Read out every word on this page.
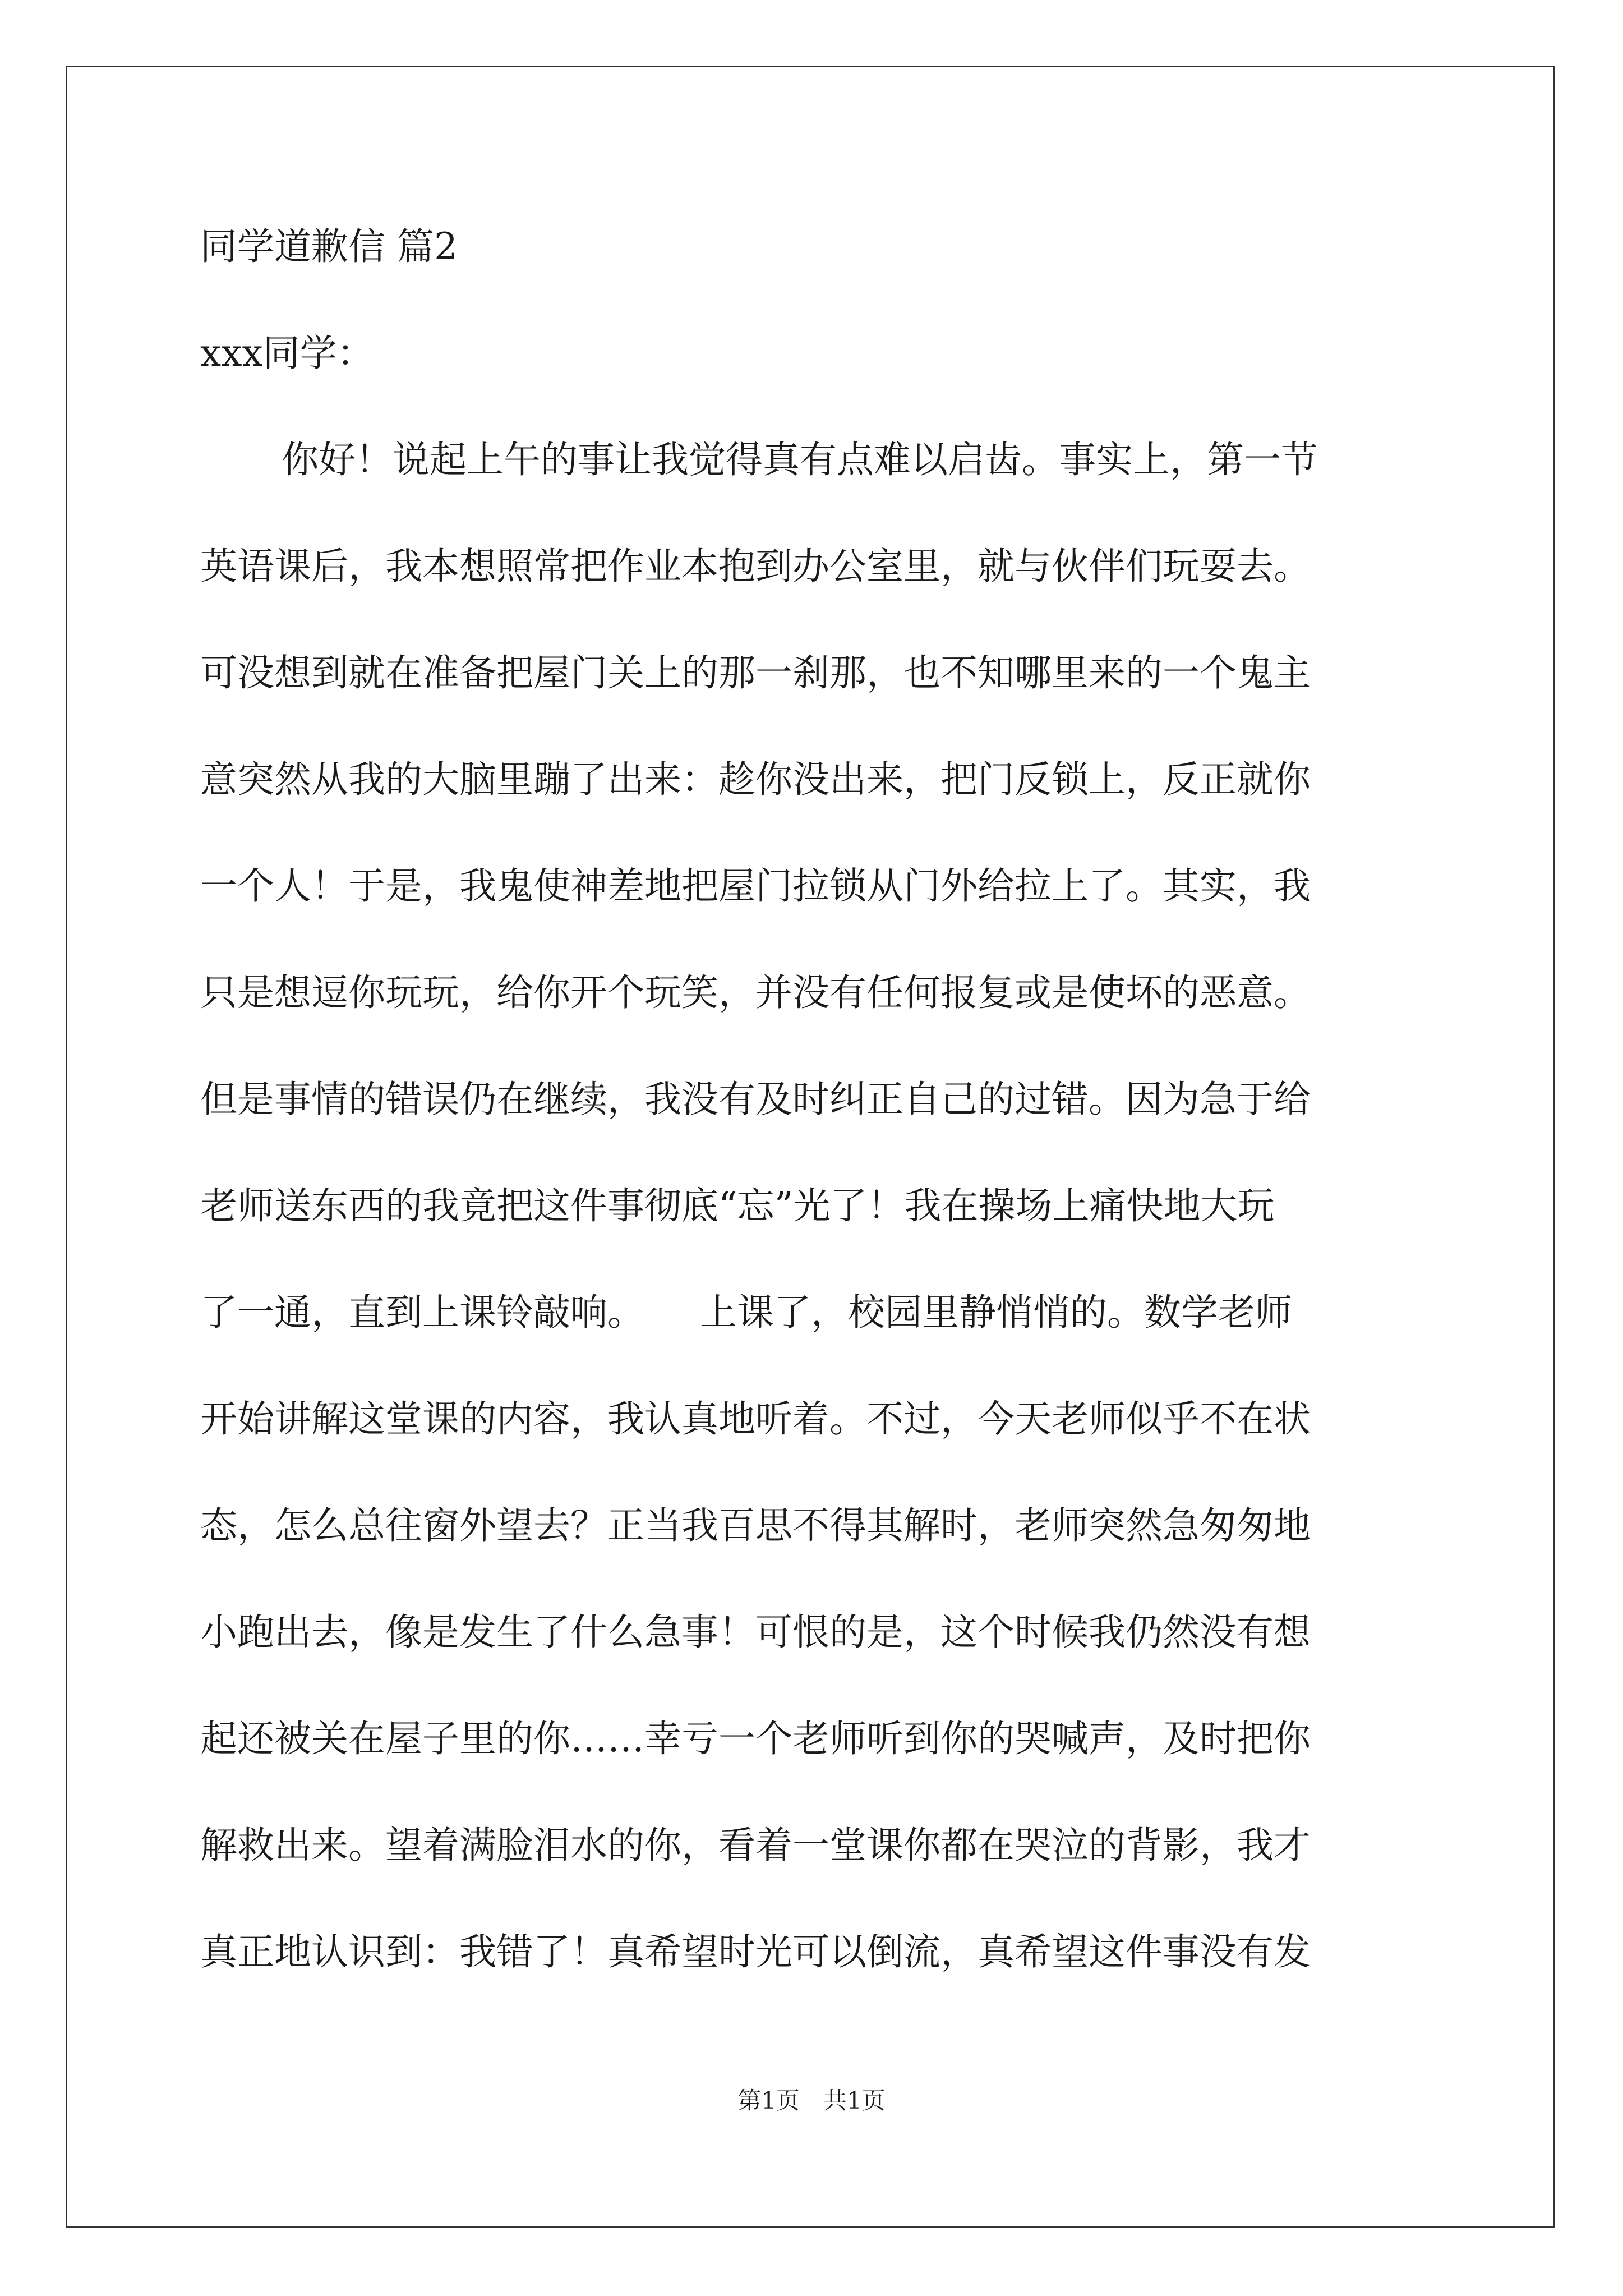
同学道歉信 篇2
xxx同学：
你好！说起上午的事让我觉得真有点难以启齿。事实上，第一节
英语课后，我本想照常把作业本抱到办公室里，就与伙伴们玩耍去。
可没想到就在准备把屋门关上的那一刹那，也不知哪里来的一个鬼主
意突然从我的大脑里蹦了出来：趁你没出来，把门反锁上，反正就你
一个人！于是，我鬼使神差地把屋门拉锁从门外给拉上了。其实，我
只是想逗你玩玩，给你开个玩笑，并没有任何报复或是使坏的恶意。
但是事情的错误仍在继续，我没有及时纠正自己的过错。因为急于给
老师送东西的我竟把这件事彻底“忘”光了！我在操场上痛快地大玩
了一通，直到上课铃敲响。　　上课了，校园里静悄悄的。数学老师
开始讲解这堂课的内容，我认真地听着。不过，今天老师似乎不在状
态，怎么总往窗外望去？正当我百思不得其解时，老师突然急匆匆地
小跑出去，像是发生了什么急事！可恨的是，这个时候我仍然没有想
起还被关在屋子里的你……幸亏一个老师听到你的哭喊声，及时把你
解救出来。望着满脸泪水的你，看着一堂课你都在哭泣的背影，我才
真正地认识到：我错了！真希望时光可以倒流，真希望这件事没有发
第1页　共1页
